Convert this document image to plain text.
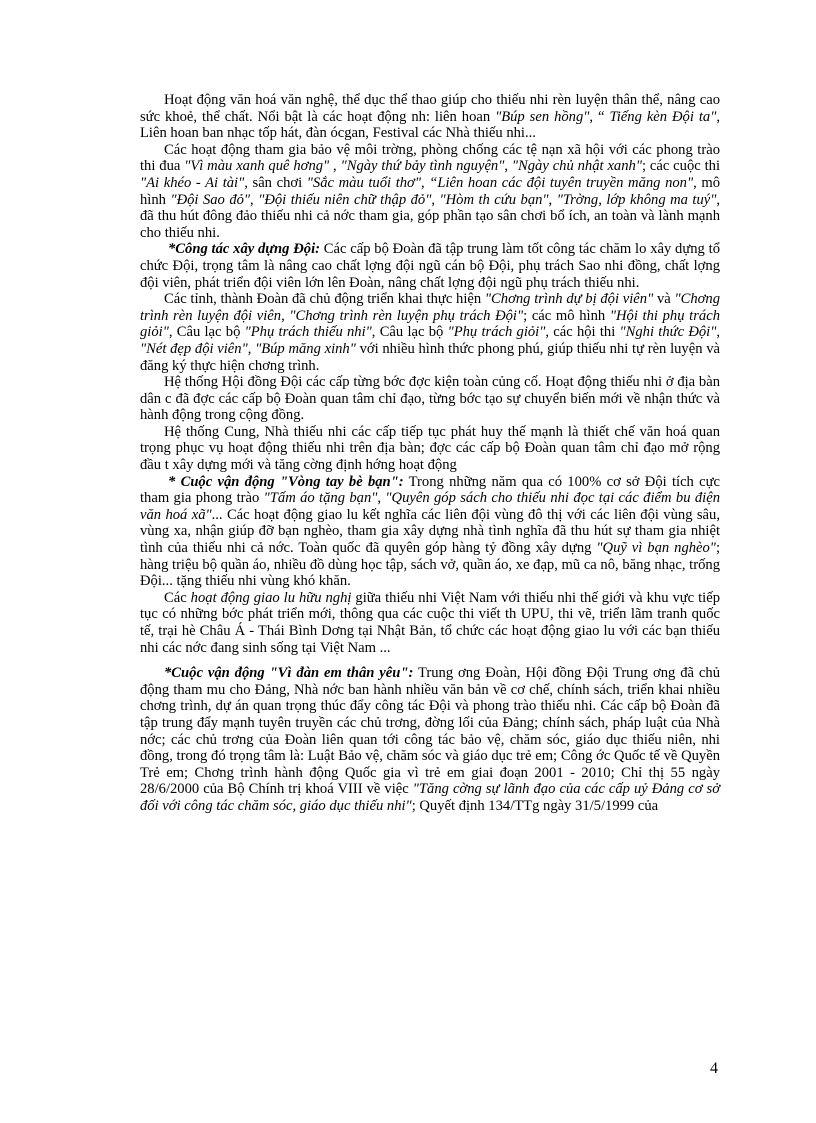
Hoạt động văn hoá văn nghệ, thể dục thể thao giúp cho thiếu nhi rèn luyện thân thể, nâng cao sức khoẻ, thể chất. Nổi bật là các hoạt động nh: liên hoan "Búp sen hồng", “ Tiếng kèn Đội ta", Liên hoan ban nhạc tốp hát, đàn ócgan, Festival các Nhà thiếu nhi...

Các hoạt động tham gia bảo vệ môi trờng, phòng chống các tệ nạn xã hội với các phong trào thi đua "Vì màu xanh quê hơng" , "Ngày thứ bảy tình nguyện", "Ngày chủ nhật xanh"; các cuộc thi "Ai khéo - Ai tài", sân chơi "Sắc màu tuổi thơ", “Liên hoan các đội tuyên truyền măng non", mô hình "Đội Sao đỏ", "Đội thiếu niên chữ thập đỏ", "Hòm th cứu bạn", "Trờng, lớp không ma tuý", đã thu hút đông đảo thiếu nhi cả nớc tham gia, góp phần tạo sân chơi bổ ích, an toàn và lành mạnh cho thiếu nhi.

*Công tác xây dựng Đội: Các cấp bộ Đoàn đã tập trung làm tốt công tác chăm lo xây dựng tổ chức Đội, trọng tâm là nâng cao chất lợng đội ngũ cán bộ Đội, phụ trách Sao nhi đồng, chất lợng đội viên, phát triển đội viên lớn lên Đoàn, nâng chất lợng đội ngũ phụ trách thiếu nhi.

Các tỉnh, thành Đoàn đã chủ động triển khai thực hiện "Chơng trình dự bị đội viên" và "Chơng trình rèn luyện đội viên, "Chơng trình rèn luyện phụ trách Đội"; các mô hình "Hội thi phụ trách giỏi", Câu lạc bộ "Phụ trách thiếu nhi", Câu lạc bộ "Phụ trách giỏi", các hội thi "Nghi thức Đội", "Nét đẹp đội viên", "Búp măng xinh" với nhiều hình thức phong phú, giúp thiếu nhi tự rèn luyện và đăng ký thực hiện chơng trình.

Hệ thống Hội đồng Đội các cấp từng bớc đợc kiện toàn củng cố. Hoạt động thiếu nhi ở địa bàn dân c đã đợc các cấp bộ Đoàn quan tâm chỉ đạo, từng bớc tạo sự chuyển biến mới về nhận thức và hành động trong cộng đồng.

Hệ thống Cung, Nhà thiếu nhi các cấp tiếp tục phát huy thế mạnh là thiết chế văn hoá quan trọng phục vụ hoạt động thiếu nhi trên địa bàn; đợc các cấp bộ Đoàn quan tâm chỉ đạo mở rộng đầu t xây dựng mới và tăng cờng định hớng hoạt động

* Cuộc vận động "Vòng tay bè bạn": Trong những năm qua có 100% cơ sở Đội tích cực tham gia phong trào "Tấm áo tặng bạn", "Quyên góp sách cho thiếu nhi đọc tại các điểm bu điện văn hoá xã"... Các hoạt động giao lu kết nghĩa các liên đội vùng đô thị với các liên đội vùng sâu, vùng xa, nhận giúp đỡ bạn nghèo, tham gia xây dựng nhà tình nghĩa đã thu hút sự tham gia nhiệt tình của thiếu nhi cả nớc. Toàn quốc đã quyên góp hàng tỷ đồng xây dựng "Quỹ vì bạn nghèo"; hàng triệu bộ quần áo, nhiều đồ dùng học tập, sách vở, quần áo, xe đạp, mũ ca nô, băng nhạc, trống Đội... tặng thiếu nhi vùng khó khăn.

Các hoạt động giao lu hữu nghị giữa thiếu nhi Việt Nam với thiếu nhi thế giới và khu vực tiếp tục có những bớc phát triển mới, thông qua các cuộc thi viết th UPU, thi vẽ, triển lãm tranh quốc tế, trại hè Châu Á - Thái Bình Dơng tại Nhật Bản, tổ chức các hoạt động giao lu với các bạn thiếu nhi các nớc đang sinh sống tại Việt Nam ...

*Cuộc vận động "Vì đàn em thân yêu": Trung ơng Đoàn, Hội đồng Đội Trung ơng đã chủ động tham mu cho Đảng, Nhà nớc ban hành nhiều văn bản về cơ chế, chính sách, triển khai nhiều chơng trình, dự án quan trọng thúc đẩy công tác Đội và phong trào thiếu nhi. Các cấp bộ Đoàn đã tập trung đẩy mạnh tuyên truyền các chủ trơng, đờng lối của Đảng; chính sách, pháp luật của Nhà nớc; các chủ trơng của Đoàn liên quan tới công tác bảo vệ, chăm sóc, giáo dục thiếu niên, nhi đồng, trong đó trọng tâm là: Luật Bảo vệ, chăm sóc và giáo dục trẻ em; Công ớc Quốc tế về Quyền Trẻ em; Chơng trình hành động Quốc gia vì trẻ em giai đoạn 2001 - 2010; Chỉ thị 55 ngày 28/6/2000 của Bộ Chính trị khoá VIII về việc "Tăng cờng sự lãnh đạo của các cấp uỷ Đảng cơ sở đối với công tác chăm sóc, giáo dục thiếu nhi"; Quyết định 134/TTg ngày 31/5/1999 của

4
